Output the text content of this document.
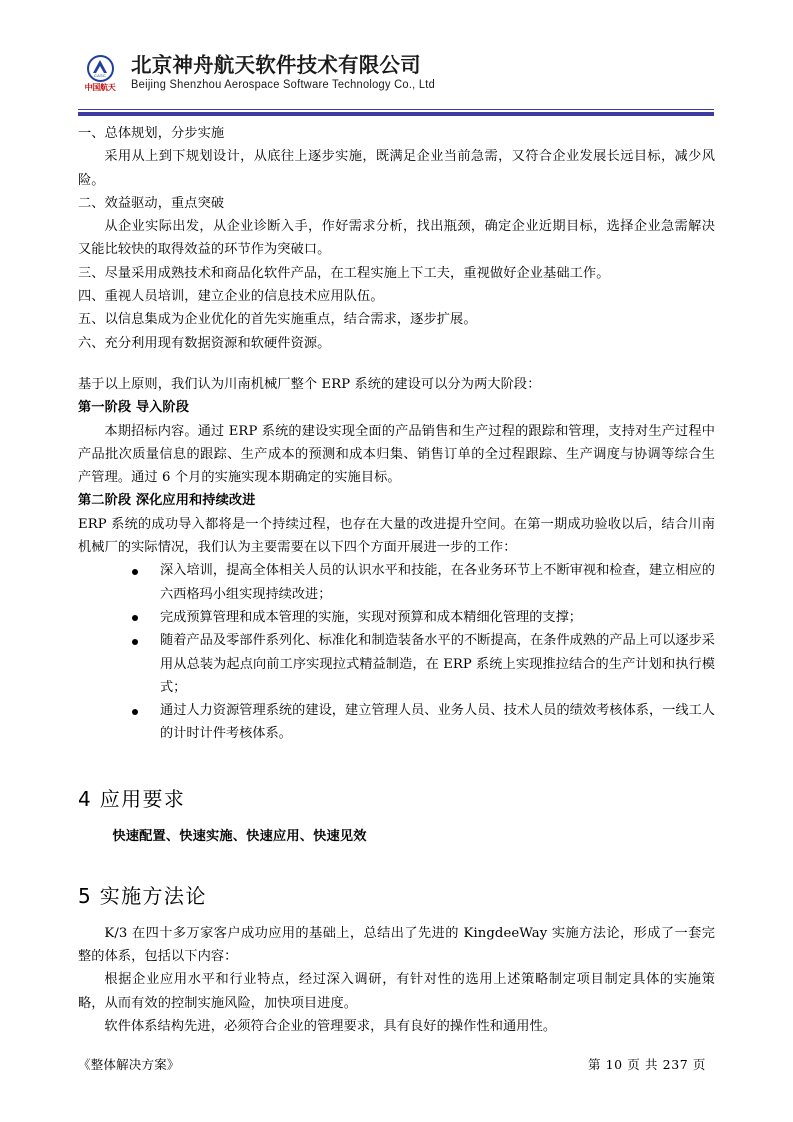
CASC
中国航天
北京神舟航天软件技术有限公司
Beijing Shenzhou Aerospace Software Technology Co., Ltd

一、总体规划，分步实施

采用从上到下规划设计，从底往上逐步实施，既满足企业当前急需，又符合企业发展长远目标，减少风险。

二、效益驱动，重点突破

从企业实际出发，从企业诊断入手，作好需求分析，找出瓶颈，确定企业近期目标，选择企业急需解决又能比较快的取得效益的环节作为突破口。

三、尽量采用成熟技术和商品化软件产品，在工程实施上下工夫，重视做好企业基础工作。

四、重视人员培训，建立企业的信息技术应用队伍。

五、以信息集成为企业优化的首先实施重点，结合需求，逐步扩展。

六、充分利用现有数据资源和软硬件资源。

基于以上原则，我们认为川南机械厂整个 ERP 系统的建设可以分为两大阶段：

第一阶段 导入阶段

本期招标内容。通过 ERP 系统的建设实现全面的产品销售和生产过程的跟踪和管理，支持对生产过程中产品批次质量信息的跟踪、生产成本的预测和成本归集、销售订单的全过程跟踪、生产调度与协调等综合生产管理。通过 6 个月的实施实现本期确定的实施目标。

第二阶段 深化应用和持续改进

ERP 系统的成功导入都将是一个持续过程，也存在大量的改进提升空间。在第一期成功验收以后，结合川南机械厂的实际情况，我们认为主要需要在以下四个方面开展进一步的工作：

深入培训，提高全体相关人员的认识水平和技能，在各业务环节上不断审视和检查，建立相应的六西格玛小组实现持续改进；
完成预算管理和成本管理的实施，实现对预算和成本精细化管理的支撑；
随着产品及零部件系列化、标准化和制造装备水平的不断提高，在条件成熟的产品上可以逐步采用从总装为起点向前工序实现拉式精益制造，在 ERP 系统上实现推拉结合的生产计划和执行模式；
通过人力资源管理系统的建设，建立管理人员、业务人员、技术人员的绩效考核体系，一线工人的计时计件考核体系。
4 应用要求

快速配置、快速实施、快速应用、快速见效

5 实施方法论

K/3 在四十多万家客户成功应用的基础上，总结出了先进的 KingdeeWay 实施方法论，形成了一套完整的体系，包括以下内容：

根据企业应用水平和行业特点，经过深入调研，有针对性的选用上述策略制定项目制定具体的实施策略，从而有效的控制实施风险，加快项目进度。

软件体系结构先进，必须符合企业的管理要求，具有良好的操作性和通用性。

《整体解决方案》	第 10 页 共 237 页
